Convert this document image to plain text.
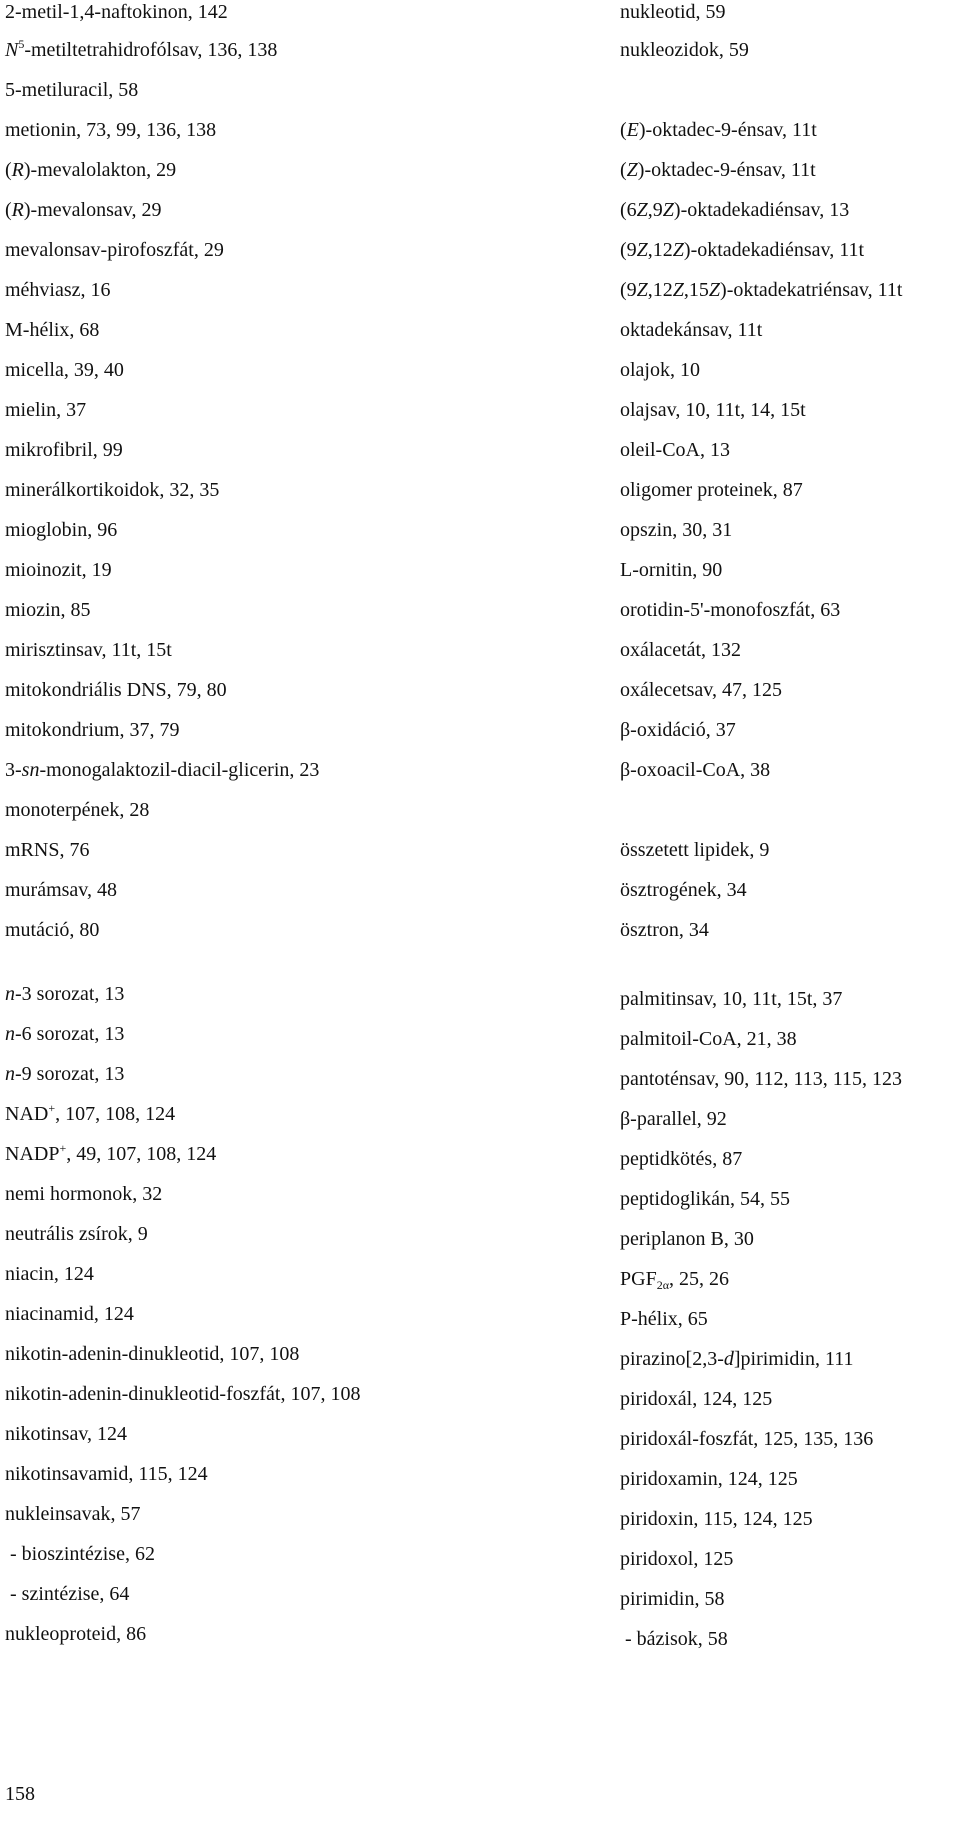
2-metil-1,4-naftokinon, 142
$N^5$-metiltetrahidrofólsav, 136, 138
5-metiluracil, 58
metionin, 73, 99, 136, 138
(R)-mevalolakton, 29
(R)-mevalonsav, 29
mevalonsav-pirofoszfát, 29
méhviasz, 16
M-hélix, 68
micella, 39, 40
mielin, 37
mikrofibril, 99
minerálkortikoidok, 32, 35
mioglobin, 96
mioinozit, 19
miozin, 85
mirisztinsav, 11t, 15t
mitokondriális DNS, 79, 80
mitokondrium, 37, 79
3-sn-monogalaktozil-diacil-glicerin, 23
monoterpének, 28
mRNS, 76
murámsav, 48
mutáció, 80
nukleotid, 59
nukleozidok, 59
(E)-oktadec-9-énsav, 11t
(Z)-oktadec-9-énsav, 11t
(6Z,9Z)-oktadekadiénsav, 13
(9Z,12Z)-oktadekadiénsav, 11t
(9Z,12Z,15Z)-oktadekatriénsav, 11t
oktadekánsav, 11t
olajok, 10
olajsav, 10, 11t, 14, 15t
oleil-CoA, 13
oligomer proteinek, 87
opszin, 30, 31
L-ornitin, 90
orotidin-5'-monofoszfát, 63
oxálacetát, 132
oxálecetsav, 47, 125
β-oxidáció, 37
β-oxoacil-CoA, 38
összetett lipidek, 9
ösztrogének, 34
ösztron, 34
n-3 sorozat, 13
n-6 sorozat, 13
n-9 sorozat, 13
NAD+, 107, 108, 124
NADP+, 49, 107, 108, 124
nemi hormonok, 32
neutrális zsírok, 9
niacin, 124
niacinamid, 124
nikotin-adenin-dinukleotid, 107, 108
nikotin-adenin-dinukleotid-foszfát, 107, 108
nikotinsav, 124
nikotinsavamid, 115, 124
nukleinsavak, 57
- bioszintézise, 62
- szintézise, 64
nukleoproteid, 86
palmitinsav, 10, 11t, 15t, 37
palmitoil-CoA, 21, 38
pantoténsav, 90, 112, 113, 115, 123
β-parallel, 92
peptidkötés, 87
peptidoglikán, 54, 55
periplanon B, 30
$PGF_{2\alpha}$, 25, 26
P-hélix, 65
pirazino[2,3-d]pirimidin, 111
piridoxál, 124, 125
piridoxál-foszfát, 125, 135, 136
piridoxamin, 124, 125
piridoxin, 115, 124, 125
piridoxol, 125
pirimidin, 58
- bázisok, 58
158
